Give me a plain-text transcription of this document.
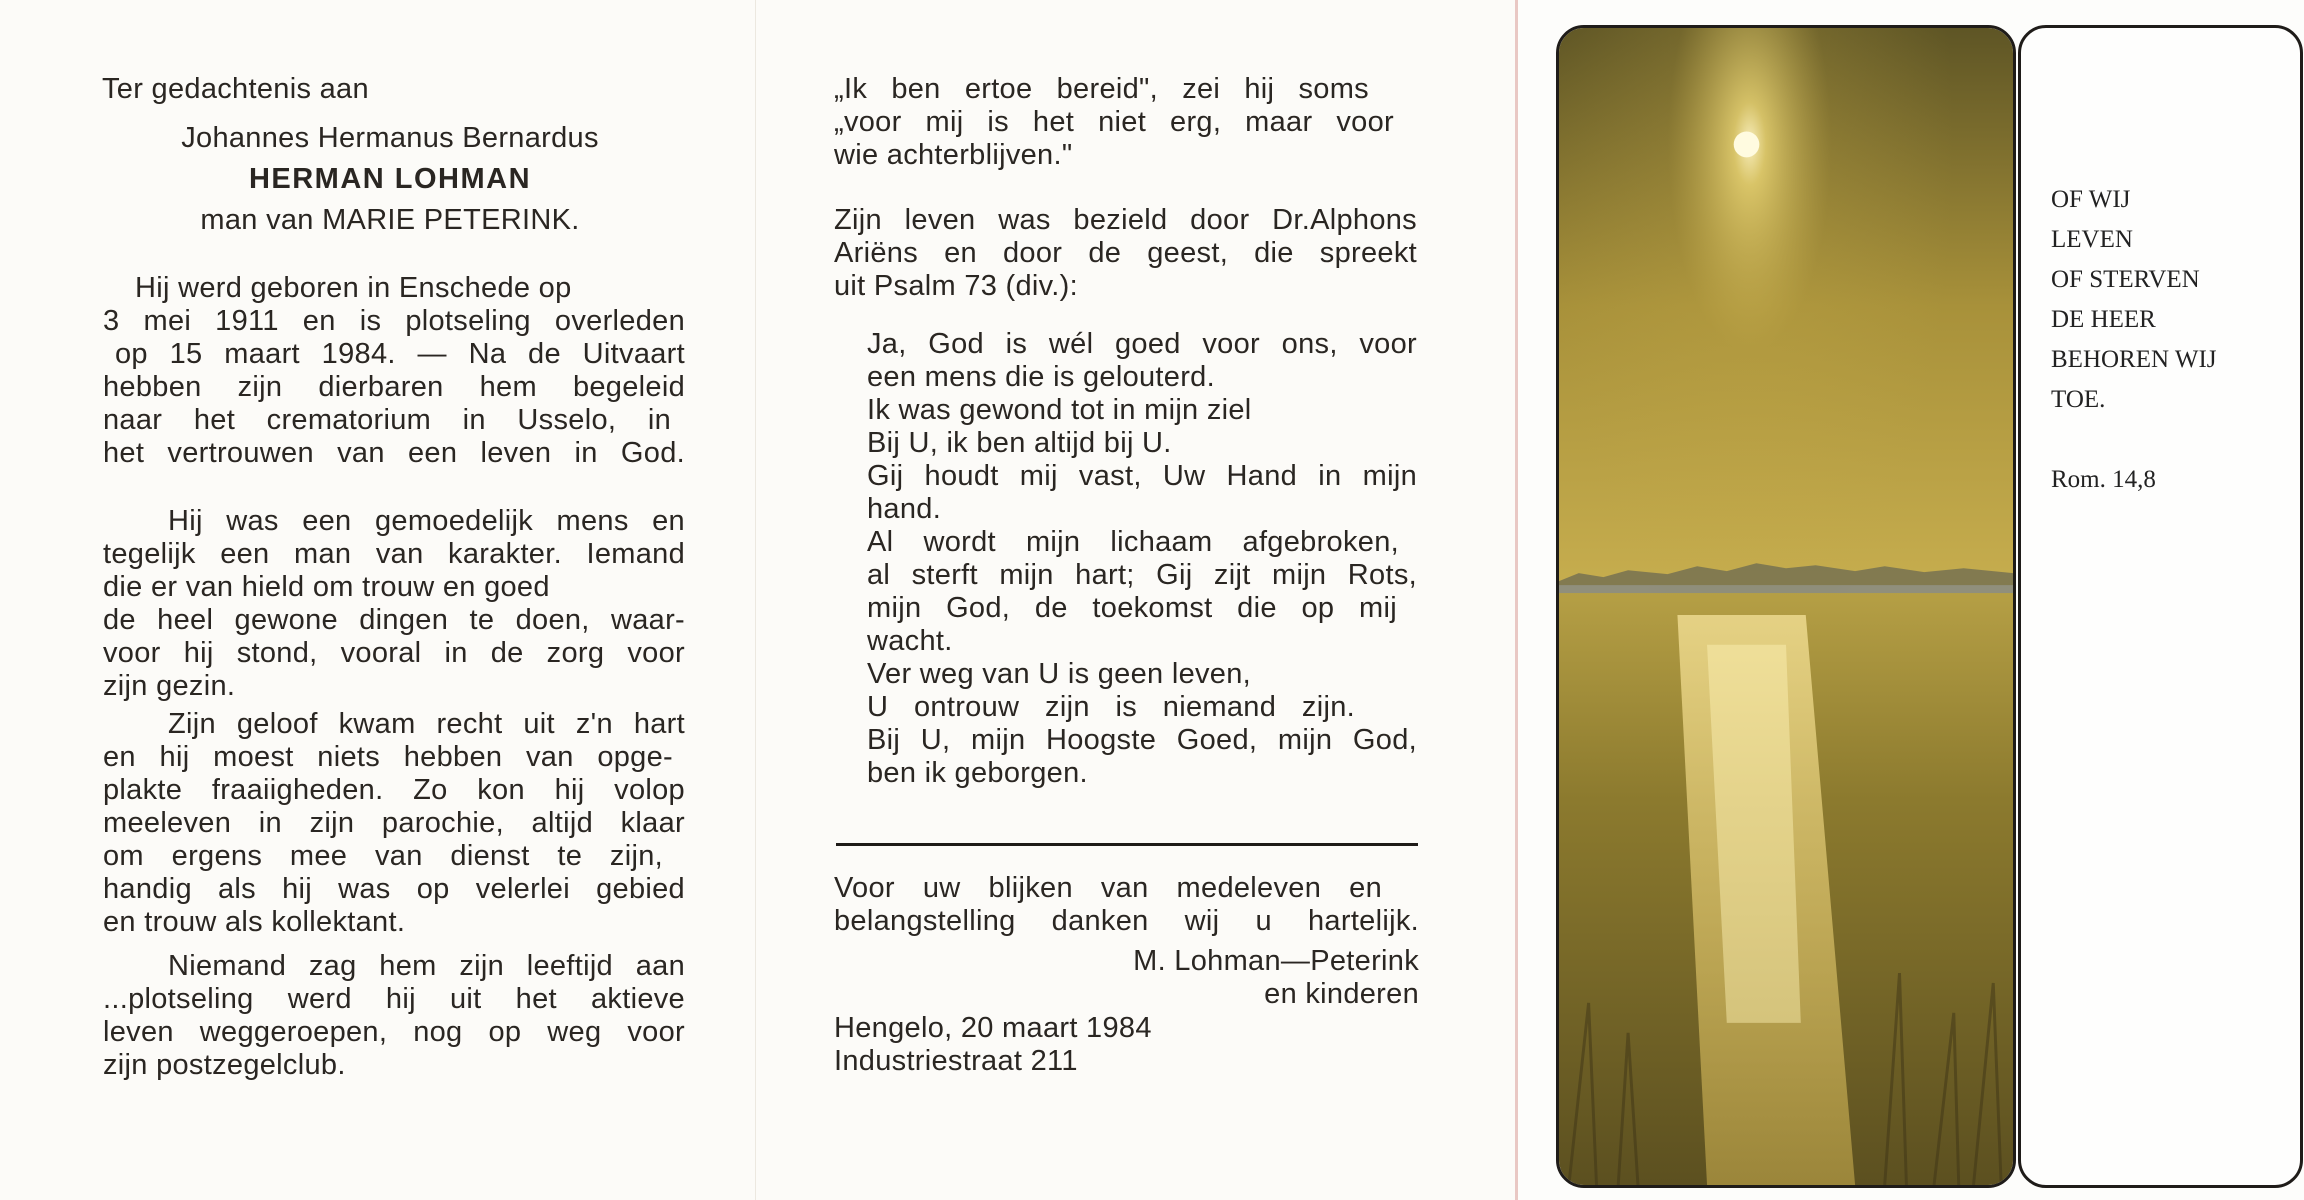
Ter gedachtenis aan
Johannes Hermanus Bernardus
HERMAN LOHMAN
man van MARIE PETERINK.
Hij werd geboren in Enschede op
3 mei 1911 en is plotseling overleden
op 15 maart 1984. — Na de Uitvaart
hebben zijn dierbaren hem begeleid
naar het crematorium in Usselo, in
het vertrouwen van een leven in God.
Hij was een gemoedelijk mens en
tegelijk een man van karakter. Iemand
die er van hield om trouw en goed
de heel gewone dingen te doen, waar-
voor hij stond, vooral in de zorg voor
zijn gezin.
Zijn geloof kwam recht uit z'n hart
en hij moest niets hebben van opge-
plakte fraaiigheden. Zo kon hij volop
meeleven in zijn parochie, altijd klaar
om ergens mee van dienst te zijn,
handig als hij was op velerlei gebied
en trouw als kollektant.
Niemand zag hem zijn leeftijd aan
...plotseling werd hij uit het aktieve
leven weggeroepen, nog op weg voor
zijn postzegelclub.
„Ik ben ertoe bereid", zei hij soms
„voor mij is het niet erg, maar voor
wie achterblijven."
Zijn leven was bezield door Dr.Alphons
Ariëns en door de geest, die spreekt
uit Psalm 73 (div.):
Ja, God is wél goed voor ons, voor
een mens die is gelouterd.
Ik was gewond tot in mijn ziel
Bij U, ik ben altijd bij U.
Gij houdt mij vast, Uw Hand in mijn
hand.
Al wordt mijn lichaam afgebroken,
al sterft mijn hart; Gij zijt mijn Rots,
mijn God, de toekomst die op mij
wacht.
Ver weg van U is geen leven,
U ontrouw zijn is niemand zijn.
Bij U, mijn Hoogste Goed, mijn God,
ben ik geborgen.
Voor uw blijken van medeleven en
belangstelling danken wij u hartelijk.
M. Lohman—Peterink
en kinderen
Hengelo, 20 maart 1984
Industriestraat 211
OF WIJ
LEVEN
OF STERVEN
DE HEER
BEHOREN WIJ
TOE.
Rom. 14,8
